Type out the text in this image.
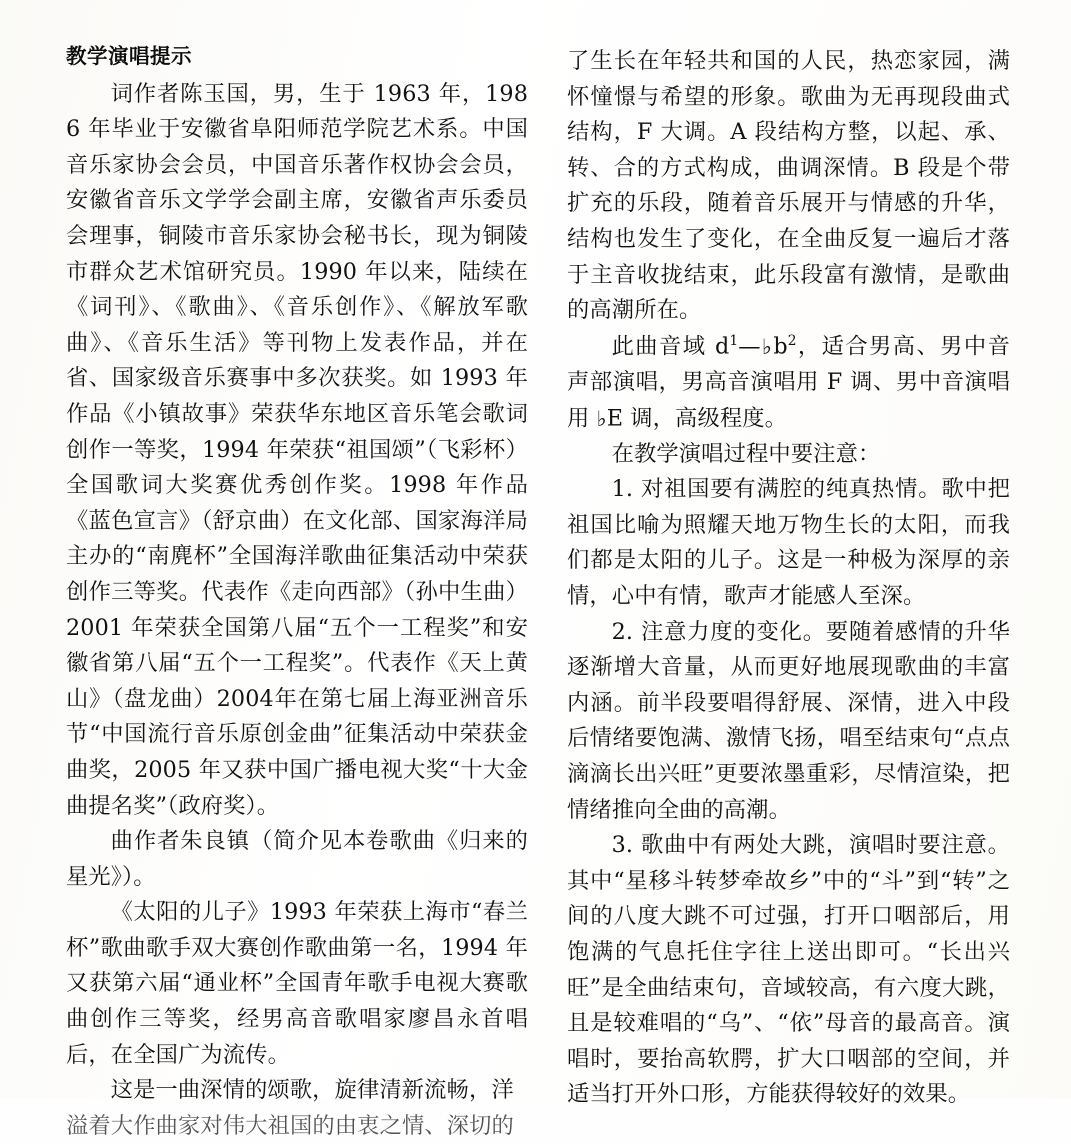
教学演唱提示

词作者陈玉国，男，生于 1963 年，1986 年毕业于安徽省阜阳师范学院艺术系。中国音乐家协会会员，中国音乐著作权协会会员，安徽省音乐文学学会副主席，安徽省声乐委员会理事，铜陵市音乐家协会秘书长，现为铜陵市群众艺术馆研究员。1990 年以来，陆续在《词刊》、《歌曲》、《音乐创作》、《解放军歌曲》、《音乐生活》等刊物上发表作品，并在省、国家级音乐赛事中多次获奖。如 1993 年作品《小镇故事》荣获华东地区音乐笔会歌词创作一等奖，1994 年荣获“祖国颂”（飞彩杯）全国歌词大奖赛优秀创作奖。1998 年作品《蓝色宣言》（舒京曲）在文化部、国家海洋局主办的“南麂杯”全国海洋歌曲征集活动中荣获创作三等奖。代表作《走向西部》（孙中生曲）2001 年荣获全国第八届“五个一工程奖”和安徽省第八届“五个一工程奖”。代表作《天上黄山》（盘龙曲）2004年在第七届上海亚洲音乐节“中国流行音乐原创金曲”征集活动中荣获金曲奖，2005 年又获中国广播电视大奖“十大金曲提名奖”（政府奖）。

曲作者朱良镇（简介见本卷歌曲《归来的星光》）。

《太阳的儿子》1993 年荣获上海市“春兰杯”歌曲歌手双大赛创作歌曲第一名，1994 年又获第六届“通业杯”全国青年歌手电视大赛歌曲创作三等奖，经男高音歌唱家廖昌永首唱后，在全国广为流传。

这是一曲深情的颂歌，旋律清新流畅，洋

溢着大作曲家对伟大祖国的由衷之情、深切的

了生长在年轻共和国的人民，热恋家园，满怀憧憬与希望的形象。歌曲为无再现段曲式结构，F 大调。A 段结构方整，以起、承、转、合的方式构成，曲调深情。B 段是个带扩充的乐段，随着音乐展开与情感的升华，结构也发生了变化，在全曲反复一遍后才落于主音收拢结束，此乐段富有激情，是歌曲的高潮所在。

此曲音域 $d^1—♭b^2$，适合男高、男中音声部演唱，男高音演唱用 F 调、男中音演唱用 ♭E 调，高级程度。

在教学演唱过程中要注意：

1. 对祖国要有满腔的纯真热情。歌中把祖国比喻为照耀天地万物生长的太阳，而我们都是太阳的儿子。这是一种极为深厚的亲情，心中有情，歌声才能感人至深。

2. 注意力度的变化。要随着感情的升华逐渐增大音量，从而更好地展现歌曲的丰富内涵。前半段要唱得舒展、深情，进入中段后情绪要饱满、激情飞扬，唱至结束句“点点滴滴长出兴旺”更要浓墨重彩，尽情渲染，把情绪推向全曲的高潮。

3. 歌曲中有两处大跳，演唱时要注意。其中“星移斗转梦牵故乡”中的“斗”到“转”之间的八度大跳不可过强，打开口咽部后，用饱满的气息托住字往上送出即可。“长出兴旺”是全曲结束句，音域较高，有六度大跳，且是较难唱的“乌”、“依”母音的最高音。演唱时，要抬高软腭，扩大口咽部的空间，并适当打开外口形，方能获得较好的效果。
